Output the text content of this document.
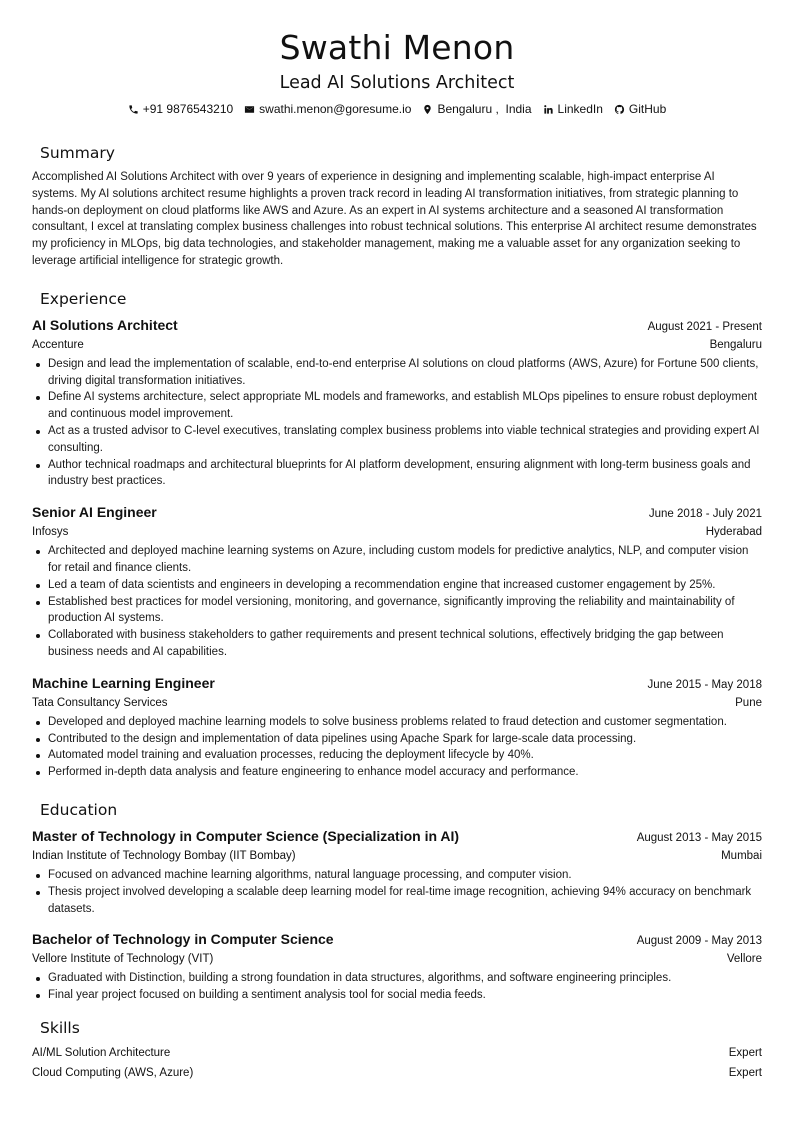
Swathi Menon
Lead AI Solutions Architect
+91 9876543210 swathi.menon@goresume.io Bengaluru ,  India LinkedIn GitHub
Summary

Accomplished AI Solutions Architect with over 9 years of experience in designing and implementing scalable, high-impact enterprise AI systems. My AI solutions architect resume highlights a proven track record in leading AI transformation initiatives, from strategic planning to hands-on deployment on cloud platforms like AWS and Azure. As an expert in AI systems architecture and a seasoned AI transformation consultant, I excel at translating complex business challenges into robust technical solutions. This enterprise AI architect resume demonstrates my proficiency in MLOps, big data technologies, and stakeholder management, making me a valuable asset for any organization seeking to leverage artificial intelligence for strategic growth.

Experience
AI Solutions Architect	August 2021 - Present
Accenture	Bengaluru
Design and lead the implementation of scalable, end-to-end enterprise AI solutions on cloud platforms (AWS, Azure) for Fortune 500 clients, driving digital transformation initiatives.
Define AI systems architecture, select appropriate ML models and frameworks, and establish MLOps pipelines to ensure robust deployment and continuous model improvement.
Act as a trusted advisor to C-level executives, translating complex business problems into viable technical strategies and providing expert AI consulting.
Author technical roadmaps and architectural blueprints for AI platform development, ensuring alignment with long-term business goals and industry best practices.
Senior AI Engineer	June 2018 - July 2021
Infosys	Hyderabad
Architected and deployed machine learning systems on Azure, including custom models for predictive analytics, NLP, and computer vision for retail and finance clients.
Led a team of data scientists and engineers in developing a recommendation engine that increased customer engagement by 25%.
Established best practices for model versioning, monitoring, and governance, significantly improving the reliability and maintainability of production AI systems.
Collaborated with business stakeholders to gather requirements and present technical solutions, effectively bridging the gap between business needs and AI capabilities.
Machine Learning Engineer	June 2015 - May 2018
Tata Consultancy Services	Pune
Developed and deployed machine learning models to solve business problems related to fraud detection and customer segmentation.
Contributed to the design and implementation of data pipelines using Apache Spark for large-scale data processing.
Automated model training and evaluation processes, reducing the deployment lifecycle by 40%.
Performed in-depth data analysis and feature engineering to enhance model accuracy and performance.
Education
Master of Technology in Computer Science (Specialization in AI)	August 2013 - May 2015
Indian Institute of Technology Bombay (IIT Bombay)	Mumbai
Focused on advanced machine learning algorithms, natural language processing, and computer vision.
Thesis project involved developing a scalable deep learning model for real-time image recognition, achieving 94% accuracy on benchmark datasets.
Bachelor of Technology in Computer Science	August 2009 - May 2013
Vellore Institute of Technology (VIT)	Vellore
Graduated with Distinction, building a strong foundation in data structures, algorithms, and software engineering principles.
Final year project focused on building a sentiment analysis tool for social media feeds.
Skills
AI/ML Solution Architecture	Expert
Cloud Computing (AWS, Azure)	Expert
